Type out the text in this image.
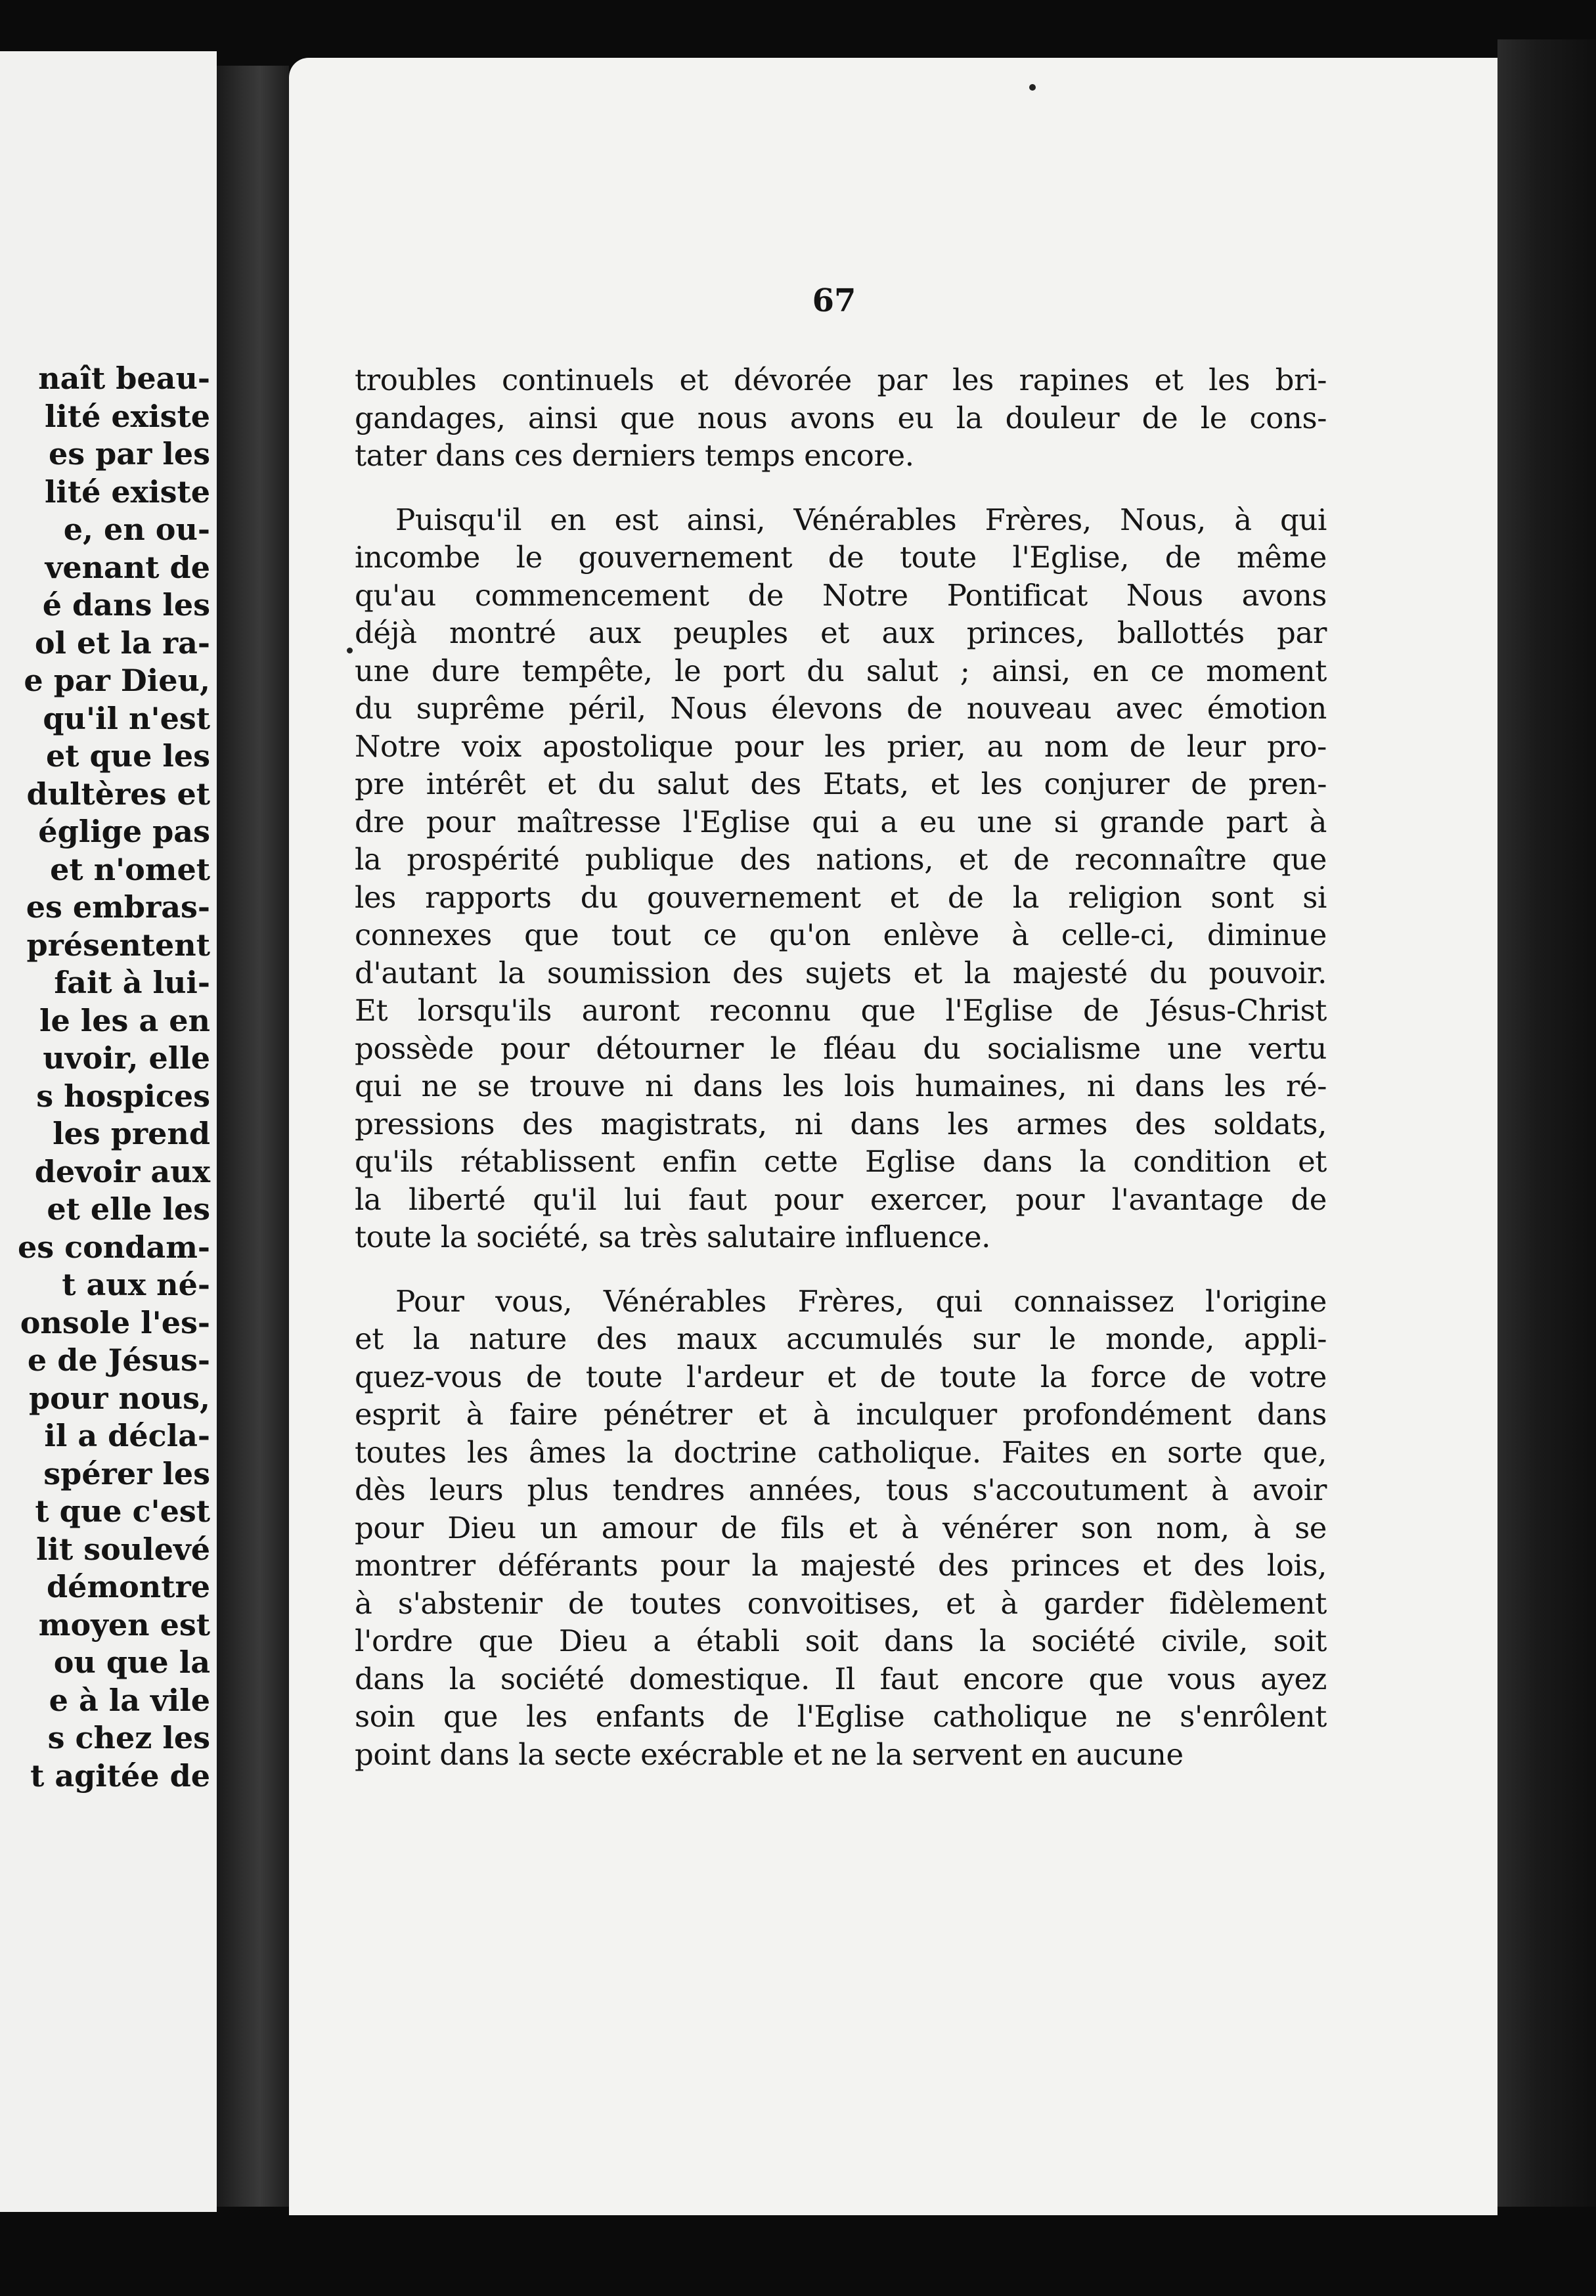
naît beau-
lité existe
es par les
lité existe
e, en ou-
venant de
é dans les
ol et la ra-
e par Dieu,
qu'il n'est
et que les
dultères et
églige pas
et n'omet
es embras-
présentent
fait à lui-
le les a en
uvoir, elle
s hospices
les prend
devoir aux
et elle les
es condam-
t aux né-
onsole l'es-
e de Jésus-
pour nous,
il a décla-
spérer les
t que c'est
lit soulevé
démontre
moyen est
ou que la
e à la vile
s chez les
t agitée de
67
troubles continuels et dévorée par les rapines et les bri-
gandages, ainsi que nous avons eu la douleur de le cons-
tater dans ces derniers temps encore.
Puisqu'il en est ainsi, Vénérables Frères, Nous, à qui
incombe le gouvernement de toute l'Eglise, de même
qu'au commencement de Notre Pontificat Nous avons
déjà montré aux peuples et aux princes, ballottés par
une dure tempête, le port du salut ; ainsi, en ce moment
du suprême péril, Nous élevons de nouveau avec émotion
Notre voix apostolique pour les prier, au nom de leur pro-
pre intérêt et du salut des Etats, et les conjurer de pren-
dre pour maîtresse l'Eglise qui a eu une si grande part à
la prospérité publique des nations, et de reconnaître que
les rapports du gouvernement et de la religion sont si
connexes que tout ce qu'on enlève à celle-ci, diminue
d'autant la soumission des sujets et la majesté du pouvoir.
Et lorsqu'ils auront reconnu que l'Eglise de Jésus-Christ
possède pour détourner le fléau du socialisme une vertu
qui ne se trouve ni dans les lois humaines, ni dans les ré-
pressions des magistrats, ni dans les armes des soldats,
qu'ils rétablissent enfin cette Eglise dans la condition et
la liberté qu'il lui faut pour exercer, pour l'avantage de
toute la société, sa très salutaire influence.
Pour vous, Vénérables Frères, qui connaissez l'origine
et la nature des maux accumulés sur le monde, appli-
quez-vous de toute l'ardeur et de toute la force de votre
esprit à faire pénétrer et à inculquer profondément dans
toutes les âmes la doctrine catholique. Faites en sorte que,
dès leurs plus tendres années, tous s'accoutument à avoir
pour Dieu un amour de fils et à vénérer son nom, à se
montrer déférants pour la majesté des princes et des lois,
à s'abstenir de toutes convoitises, et à garder fidèlement
l'ordre que Dieu a établi soit dans la société civile, soit
dans la société domestique. Il faut encore que vous ayez
soin que les enfants de l'Eglise catholique ne s'enrôlent
point dans la secte exécrable et ne la servent en aucune
